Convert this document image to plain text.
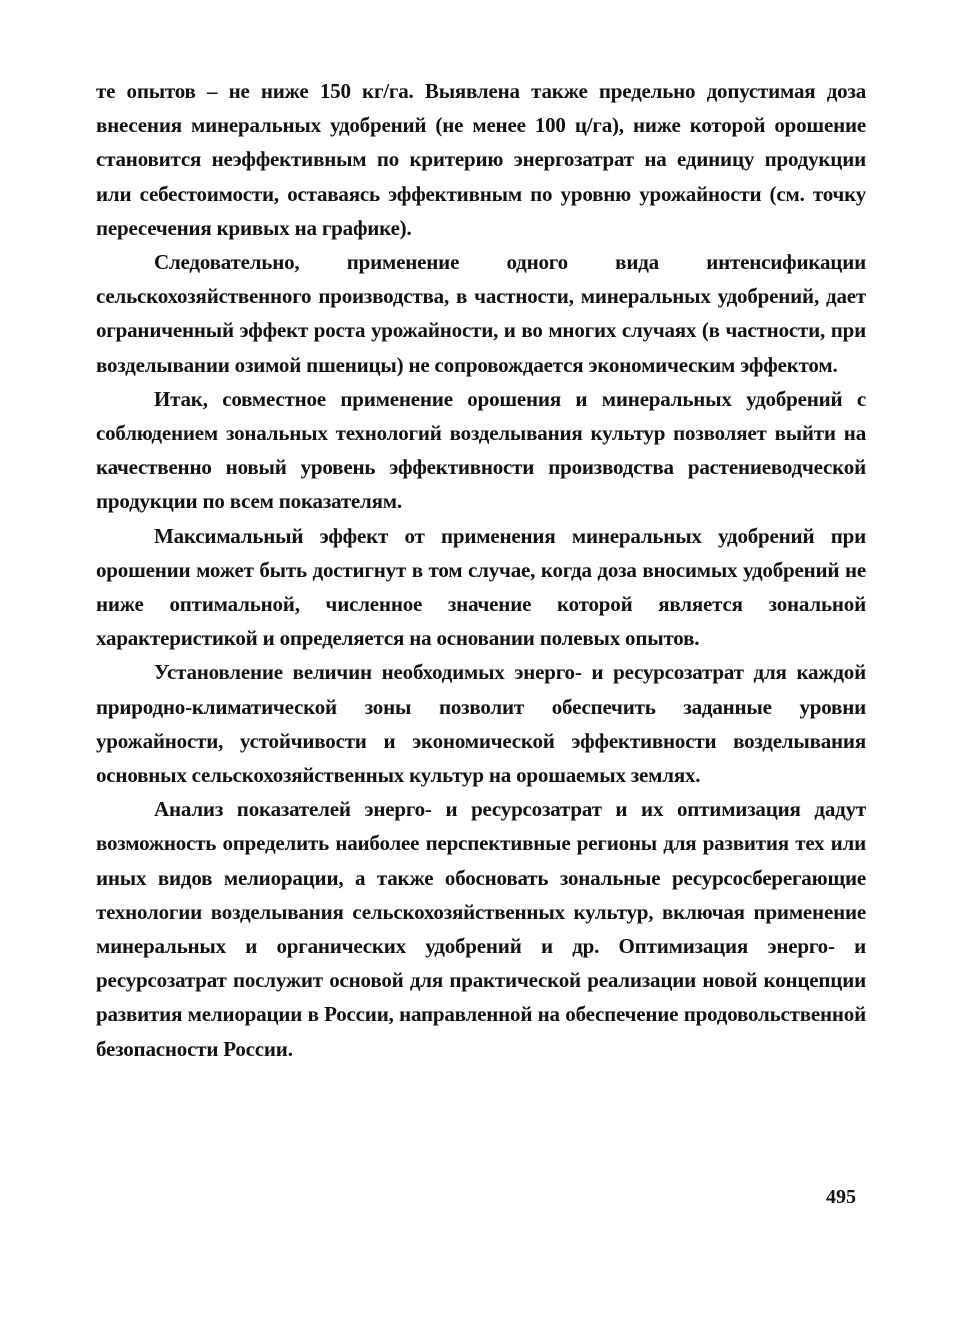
те опытов – не ниже 150 кг/га. Выявлена также предельно допустимая доза внесения минеральных удобрений (не менее 100 ц/га), ниже которой орошение становится неэффективным по критерию энергозатрат на единицу продукции или себестоимости, оставаясь эффективным по уровню урожайности (см. точку пересечения кривых на графике).

Следовательно, применение одного вида интенсификации сельскохозяйственного производства, в частности, минеральных удобрений, дает ограниченный эффект роста урожайности, и во многих случаях (в частности, при возделывании озимой пшеницы) не сопровождается экономическим эффектом.

Итак, совместное применение орошения и минеральных удобрений с соблюдением зональных технологий возделывания культур позволяет выйти на качественно новый уровень эффективности производства растениеводческой продукции по всем показателям.

Максимальный эффект от применения минеральных удобрений при орошении может быть достигнут в том случае, когда доза вносимых удобрений не ниже оптимальной, численное значение которой является зональной характеристикой и определяется на основании полевых опытов.

Установление величин необходимых энерго- и ресурсозатрат для каждой природно-климатической зоны позволит обеспечить заданные уровни урожайности, устойчивости и экономической эффективности возделывания основных сельскохозяйственных культур на орошаемых землях.

Анализ показателей энерго- и ресурсозатрат и их оптимизация дадут возможность определить наиболее перспективные регионы для развития тех или иных видов мелиорации, а также обосновать зональные ресурсосберегающие технологии возделывания сельскохозяйственных культур, включая применение минеральных и органических удобрений и др. Оптимизация энерго- и ресурсозатрат послужит основой для практической реализации новой концепции развития мелиорации в России, направленной на обеспечение продовольственной безопасности России.

495
